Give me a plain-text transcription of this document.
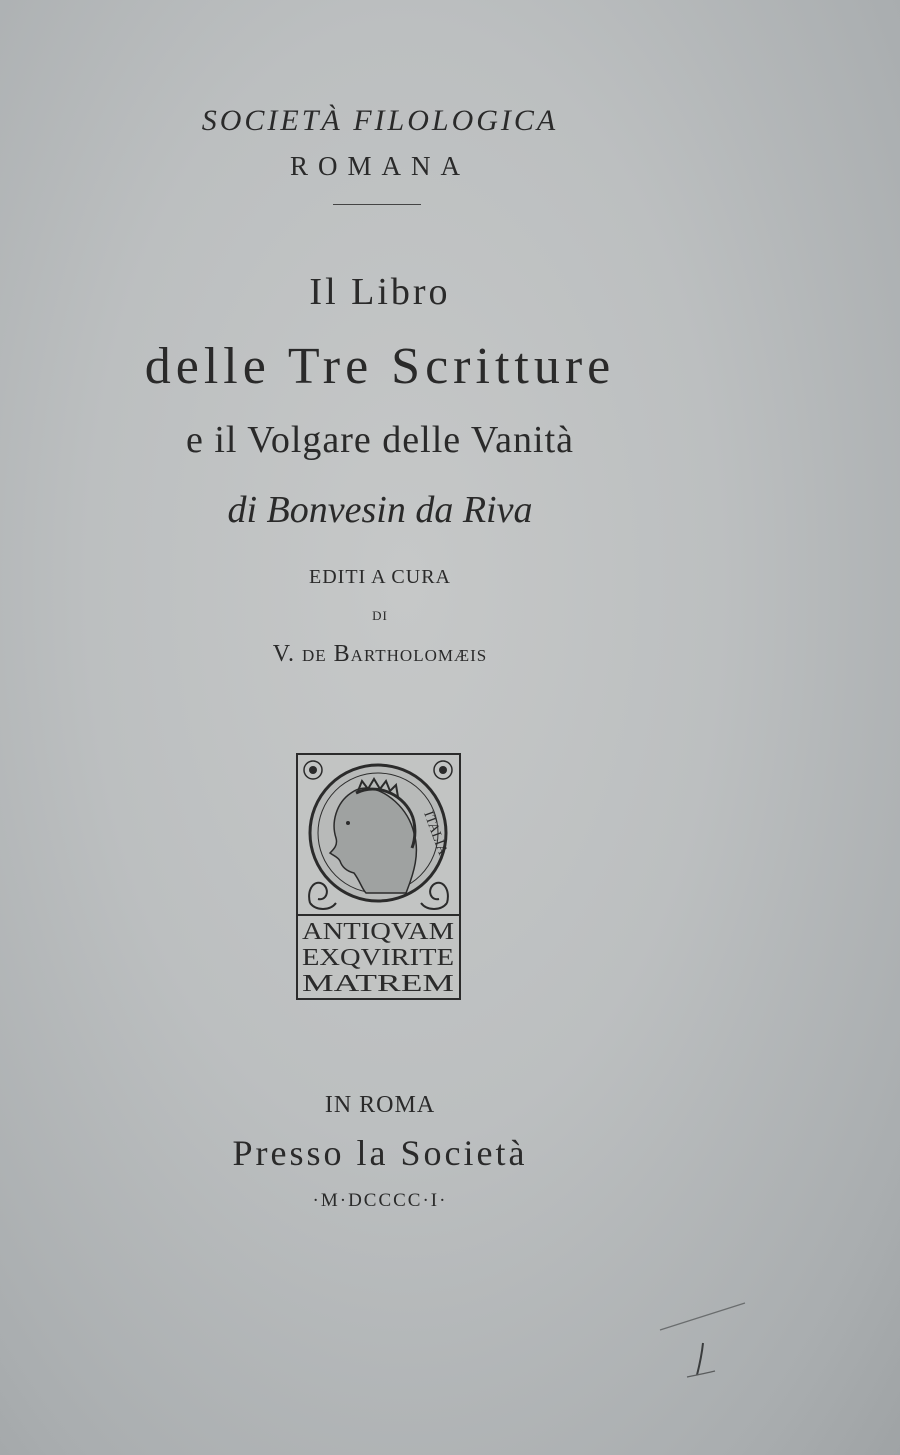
SOCIETÀ FILOLOGICA
ROMANA
Il Libro
delle Tre Scritture
e il Volgare delle Vanità
di Bonvesin da Riva
EDITI A CURA
DI
V. de Bartholomæis
ITALIA
ANTIQVAM
EXQVIRITE
MATREM
IN ROMA
Presso la Società
·M·DCCCC·I·
